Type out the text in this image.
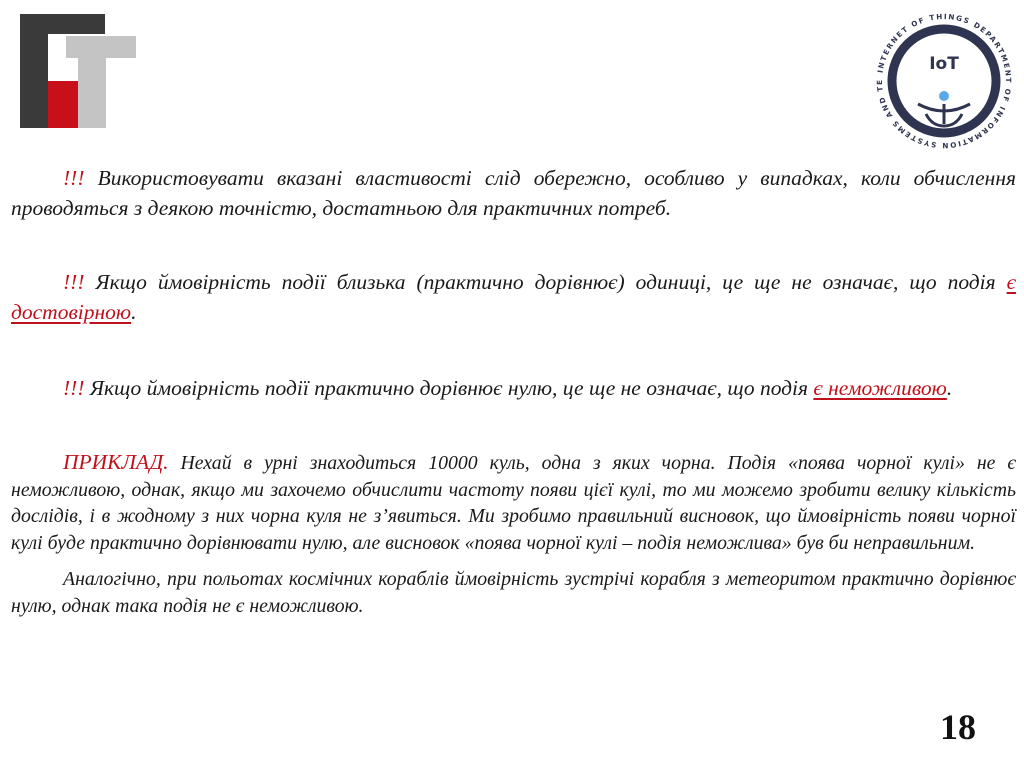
INTERNET OF THINGS DEPARTMENT OF INFORMATION SYSTEMS AND TE
IoT

!!! Використовувати вказані властивості слід обережно, особливо у випадках, коли обчислення проводяться з деякою точністю, достатньою для практичних потреб.

!!! Якщо ймовірність події близька (практично дорівнює) одиниці, це ще не означає, що подія є достовірною.

!!! Якщо ймовірність події практично дорівнює нулю, це ще не означає, що подія є неможливою.

ПРИКЛАД. Нехай в урні знаходиться 10000 куль, одна з яких чорна. Подія «поява чорної кулі» не є неможливою, однак, якщо ми захочемо обчислити частоту появи цієї кулі, то ми можемо зробити велику кількість дослідів, і в жодному з них чорна куля не з’явиться. Ми зробимо правильний висновок, що ймовірність появи чорної кулі буде практично дорівнювати нулю, але висновок «поява чорної кулі – подія неможлива» був би неправильним.

Аналогічно, при польотах космічних кораблів ймовірність зустрічі корабля з метеоритом практично дорівнює нулю, однак така подія не є неможливою.

18
